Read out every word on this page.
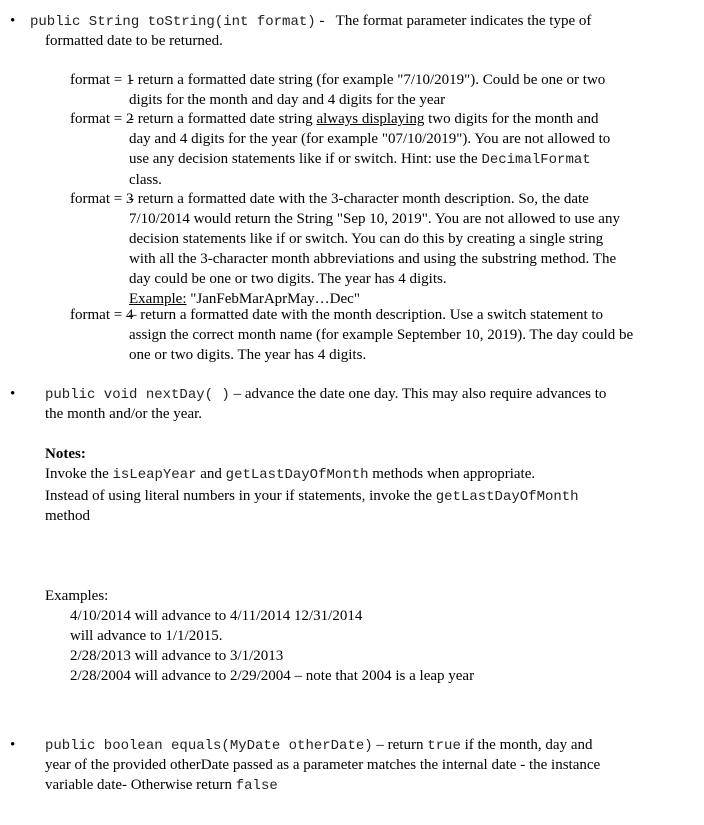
• public String toString(int format) -   The format parameter indicates the type of
formatted date to be returned.
format = 1
- return a formatted date string (for example "7/10/2019"). Could be one or two
digits for the month and day and 4 digits for the year
format = 2
- return a formatted date string always displaying two digits for the month and
day and 4 digits for the year (for example "07/10/2019"). You are not allowed to
use any decision statements like if or switch. Hint: use the DecimalFormat
class.
format = 3
- return a formatted date with the 3-character month description. So, the date
7/10/2014 would return the String "Sep 10, 2019". You are not allowed to use any
decision statements like if or switch. You can do this by creating a single string
with all the 3-character month abbreviations and using the substring method. The
day could be one or two digits. The year has 4 digits.
Example: "JanFebMarAprMay…Dec"
format = 4
– return a formatted date with the month description. Use a switch statement to
assign the correct month name (for example September 10, 2019). The day could be
one or two digits. The year has 4 digits.
• public void nextDay( ) – advance the date one day. This may also require advances to
the month and/or the year.
Notes:
Invoke the isLeapYear and getLastDayOfMonth methods when appropriate.
Instead of using literal numbers in your if statements, invoke the getLastDayOfMonth
method
Examples:
4/10/2014 will advance to 4/11/2014 12/31/2014
will advance to 1/1/2015.
2/28/2013 will advance to 3/1/2013
2/28/2004 will advance to 2/29/2004 – note that 2004 is a leap year
• public boolean equals(MyDate otherDate) – return true if the month, day and
year of the provided otherDate passed as a parameter matches the internal date - the instance
variable date- Otherwise return false
